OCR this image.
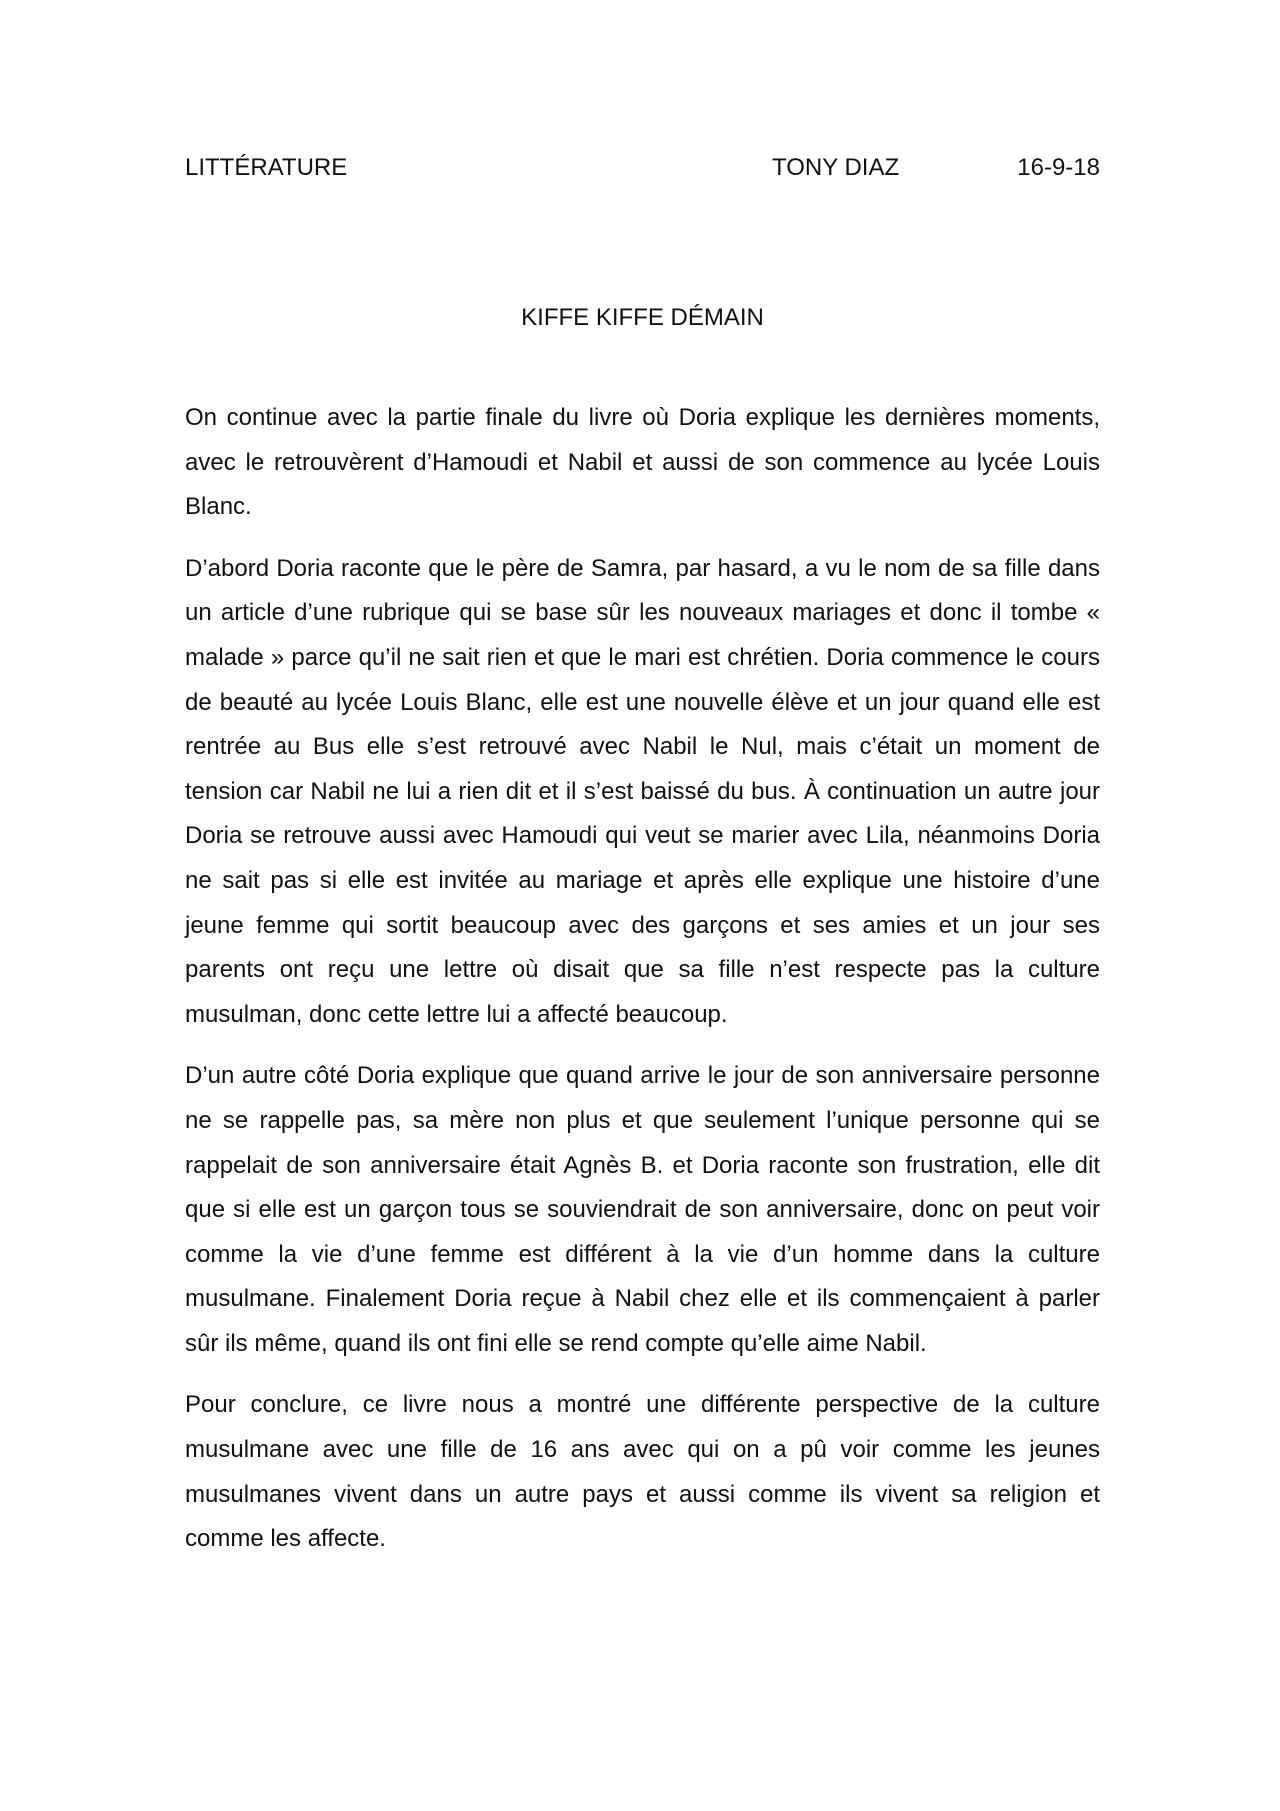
LITTÉRATURE	TONY DIAZ	16-9-18
KIFFE KIFFE DÉMAIN

On continue avec la partie finale du livre où Doria explique les dernières moments, avec le retrouvèrent d’Hamoudi et Nabil et aussi de son commence au lycée Louis Blanc.

D’abord Doria raconte que le père de Samra, par hasard, a vu le nom de sa fille dans un article d’une rubrique qui se base sûr les nouveaux mariages et donc il tombe « malade » parce qu’il ne sait rien et que le mari est chrétien. Doria commence le cours de beauté au lycée Louis Blanc, elle est une nouvelle élève et un jour quand elle est rentrée au Bus elle s’est retrouvé avec Nabil le Nul, mais c’était un moment de tension car Nabil ne lui a rien dit et il s’est baissé du bus. À continuation un autre jour Doria se retrouve aussi avec Hamoudi qui veut se marier avec Lila, néanmoins Doria ne sait pas si elle est invitée au mariage et après elle explique une histoire d’une jeune femme qui sortit beaucoup avec des garçons et ses amies et un jour ses parents ont reçu une lettre où disait que sa fille n’est respecte pas la culture musulman, donc cette lettre lui a affecté beaucoup.

D’un autre côté Doria explique que quand arrive le jour de son anniversaire personne ne se rappelle pas, sa mère non plus et que seulement l’unique personne qui se rappelait de son anniversaire était Agnès B. et Doria raconte son frustration, elle dit que si elle est un garçon tous se souviendrait de son anniversaire, donc on peut voir comme la vie d’une femme est différent à la vie d’un homme dans la culture musulmane. Finalement Doria reçue à Nabil chez elle et ils commençaient à parler sûr ils même, quand ils ont fini elle se rend compte qu’elle aime Nabil.

Pour conclure, ce livre nous a montré une différente perspective de la culture musulmane avec une fille de 16 ans avec qui on a pû voir comme les jeunes musulmanes vivent dans un autre pays et aussi comme ils vivent sa religion et comme les affecte.
